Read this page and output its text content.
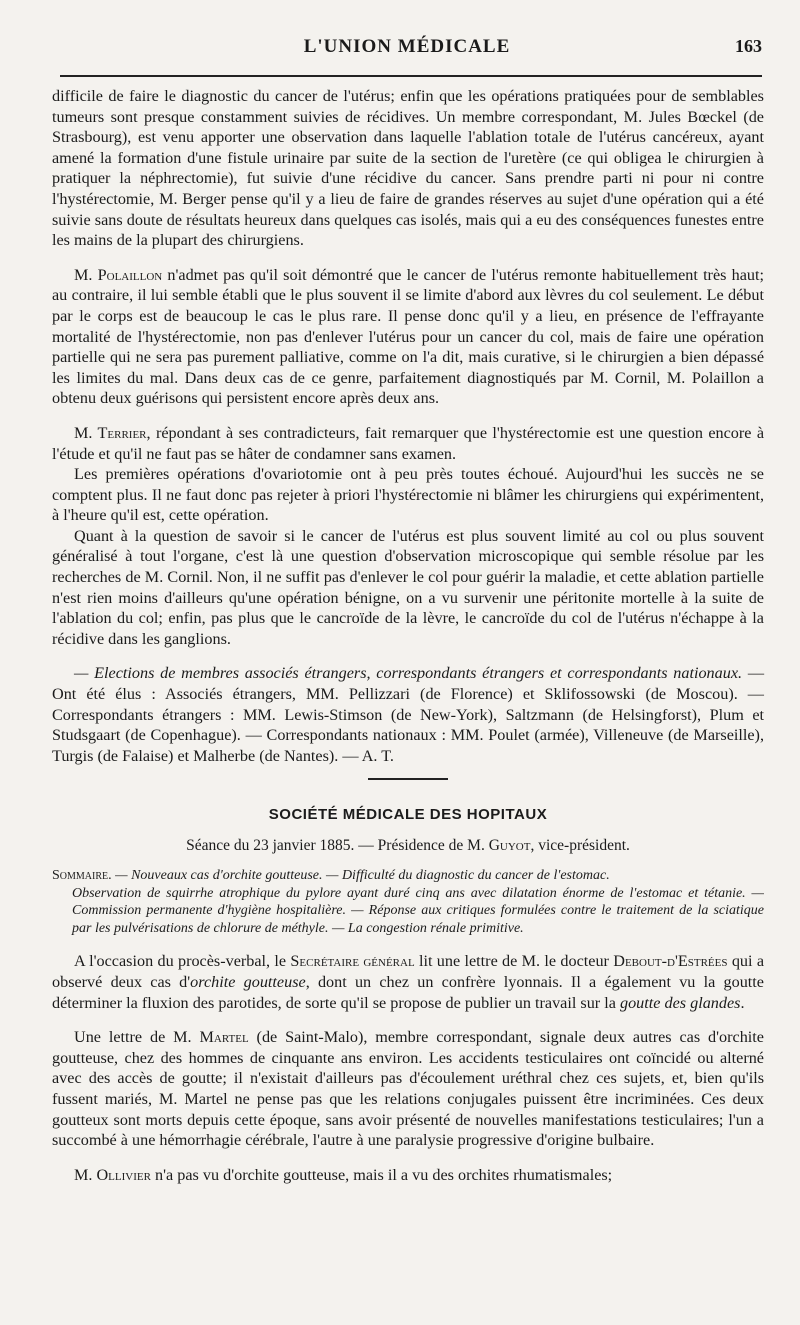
L'UNION MÉDICALE	163

difficile de faire le diagnostic du cancer de l'utérus; enfin que les opérations pratiquées pour de semblables tumeurs sont presque constamment suivies de récidives. Un membre correspondant, M. Jules Bœckel (de Strasbourg), est venu apporter une observation dans laquelle l'ablation totale de l'utérus cancéreux, ayant amené la formation d'une fistule urinaire par suite de la section de l'uretère (ce qui obligea le chirurgien à pratiquer la néphrectomie), fut suivie d'une récidive du cancer. Sans prendre parti ni pour ni contre l'hystérectomie, M. Berger pense qu'il y a lieu de faire de grandes réserves au sujet d'une opération qui a été suivie sans doute de résultats heureux dans quelques cas isolés, mais qui a eu des conséquences funestes entre les mains de la plupart des chirurgiens.

M. Polaillon n'admet pas qu'il soit démontré que le cancer de l'utérus remonte habituellement très haut; au contraire, il lui semble établi que le plus souvent il se limite d'abord aux lèvres du col seulement. Le début par le corps est de beaucoup le cas le plus rare. Il pense donc qu'il y a lieu, en présence de l'effrayante mortalité de l'hystérectomie, non pas d'enlever l'utérus pour un cancer du col, mais de faire une opération partielle qui ne sera pas purement palliative, comme on l'a dit, mais curative, si le chirurgien a bien dépassé les limites du mal. Dans deux cas de ce genre, parfaitement diagnostiqués par M. Cornil, M. Polaillon a obtenu deux guérisons qui persistent encore après deux ans.

M. Terrier, répondant à ses contradicteurs, fait remarquer que l'hystérectomie est une question encore à l'étude et qu'il ne faut pas se hâter de condamner sans examen.

Les premières opérations d'ovariotomie ont à peu près toutes échoué. Aujourd'hui les succès ne se comptent plus. Il ne faut donc pas rejeter à priori l'hystérectomie ni blâmer les chirurgiens qui expérimentent, à l'heure qu'il est, cette opération.

Quant à la question de savoir si le cancer de l'utérus est plus souvent limité au col ou plus souvent généralisé à tout l'organe, c'est là une question d'observation microscopique qui semble résolue par les recherches de M. Cornil. Non, il ne suffit pas d'enlever le col pour guérir la maladie, et cette ablation partielle n'est rien moins d'ailleurs qu'une opération bénigne, on a vu survenir une péritonite mortelle à la suite de l'ablation du col; enfin, pas plus que le cancroïde de la lèvre, le cancroïde du col de l'utérus n'échappe à la récidive dans les ganglions.

— Elections de membres associés étrangers, correspondants étrangers et correspondants nationaux. — Ont été élus : Associés étrangers, MM. Pellizzari (de Florence) et Sklifossowski (de Moscou). — Correspondants étrangers : MM. Lewis-Stimson (de New-York), Saltzmann (de Helsingforst), Plum et Studsgaart (de Copenhague). — Correspondants nationaux : MM. Poulet (armée), Villeneuve (de Marseille), Turgis (de Falaise) et Malherbe (de Nantes). — A. T.

SOCIÉTÉ MÉDICALE DES HOPITAUX
Séance du 23 janvier 1885. — Présidence de M. Guyot, vice-président.
Sommaire. — Nouveaux cas d'orchite goutteuse. — Difficulté du diagnostic du cancer de l'estomac.
Observation de squirrhe atrophique du pylore ayant duré cinq ans avec dilatation énorme de l'estomac et tétanie. — Commission permanente d'hygiène hospitalière. — Réponse aux critiques formulées contre le traitement de la sciatique par les pulvérisations de chlorure de méthyle. — La congestion rénale primitive.

A l'occasion du procès-verbal, le Secrétaire général lit une lettre de M. le docteur Debout-d'Estrées qui a observé deux cas d'orchite goutteuse, dont un chez un confrère lyonnais. Il a également vu la goutte déterminer la fluxion des parotides, de sorte qu'il se propose de publier un travail sur la goutte des glandes.

Une lettre de M. Martel (de Saint-Malo), membre correspondant, signale deux autres cas d'orchite goutteuse, chez des hommes de cinquante ans environ. Les accidents testiculaires ont coïncidé ou alterné avec des accès de goutte; il n'existait d'ailleurs pas d'écoulement uréthral chez ces sujets, et, bien qu'ils fussent mariés, M. Martel ne pense pas que les relations conjugales puissent être incriminées. Ces deux goutteux sont morts depuis cette époque, sans avoir présenté de nouvelles manifestations testiculaires; l'un a succombé à une hémorrhagie cérébrale, l'autre à une paralysie progressive d'origine bulbaire.

M. Ollivier n'a pas vu d'orchite goutteuse, mais il a vu des orchites rhumatismales;
